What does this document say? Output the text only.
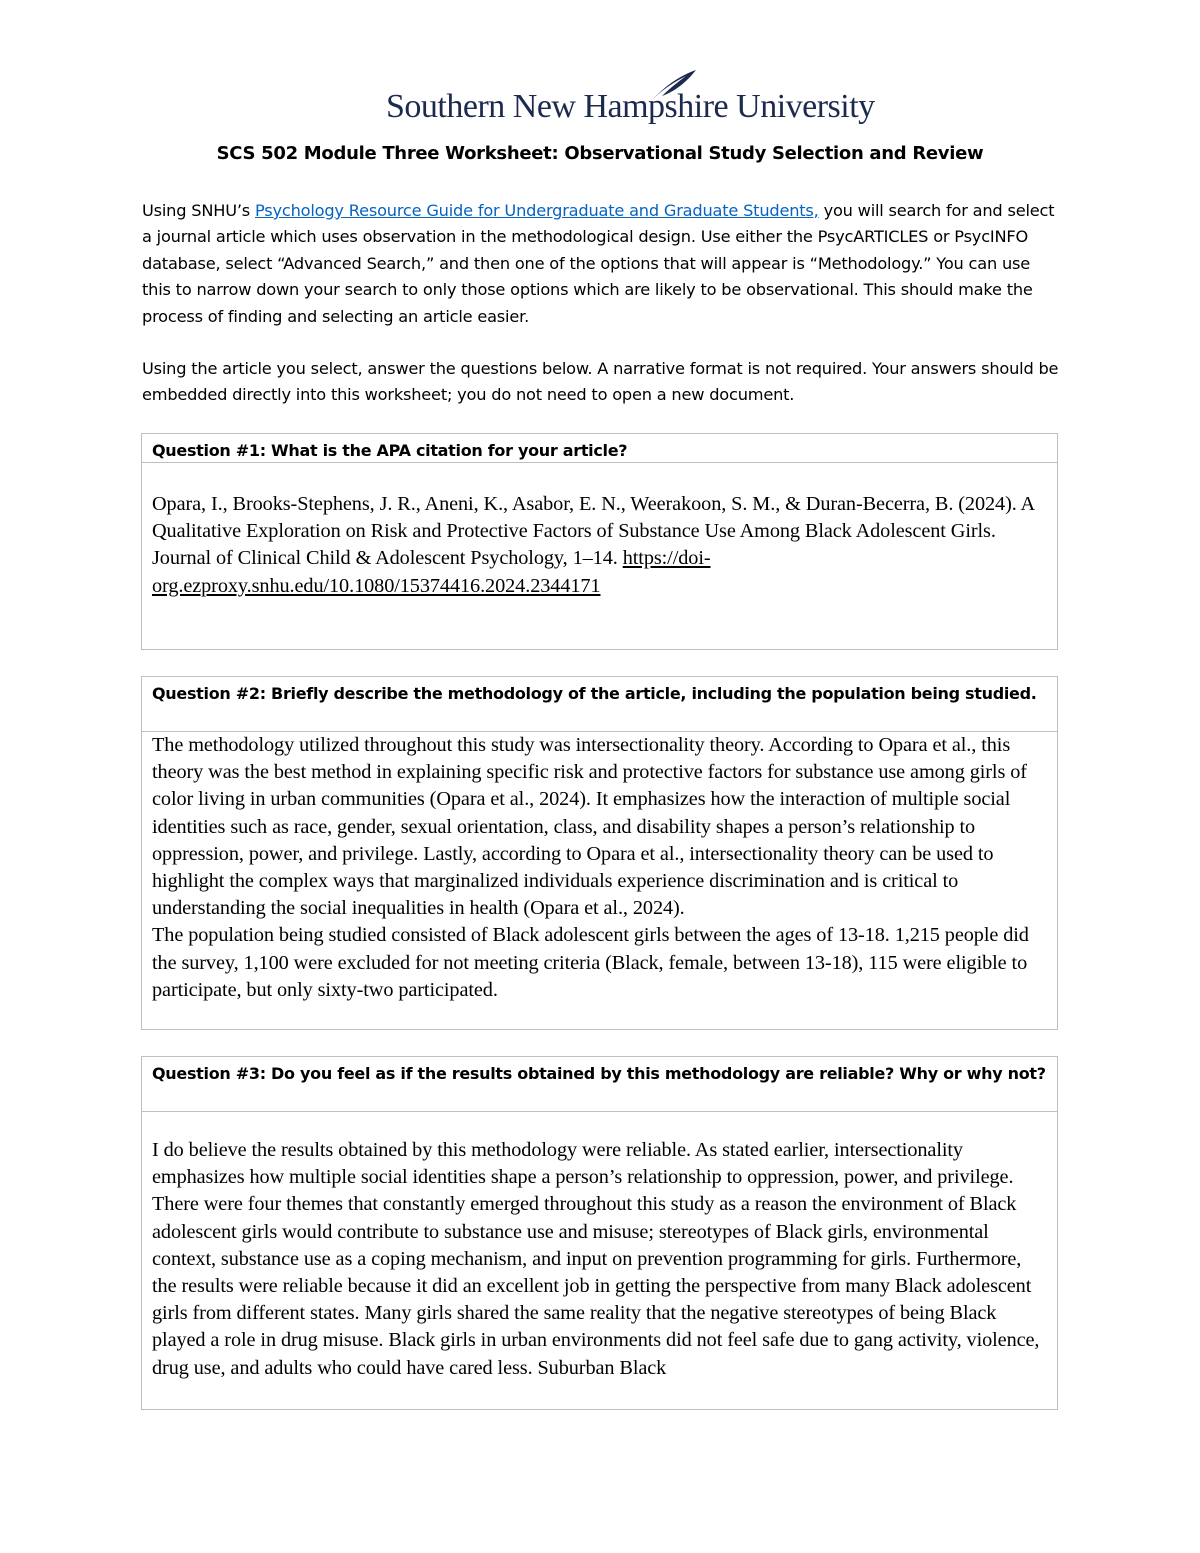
Southern New Hampshire University
SCS 502 Module Three Worksheet: Observational Study Selection and Review
Using SNHU’s Psychology Resource Guide for Undergraduate and Graduate Students, you will search for and select a journal article which uses observation in the methodological design. Use either the PsycARTICLES or PsycINFO database, select “Advanced Search,” and then one of the options that will appear is “Methodology.” You can use this to narrow down your search to only those options which are likely to be observational. This should make the process of finding and selecting an article easier.
Using the article you select, answer the questions below. A narrative format is not required. Your answers should be embedded directly into this worksheet; you do not need to open a new document.
Question #1: What is the APA citation for your article?
Opara, I., Brooks-Stephens, J. R., Aneni, K., Asabor, E. N., Weerakoon, S. M., & Duran-Becerra, B. (2024). A Qualitative Exploration on Risk and Protective Factors of Substance Use Among Black Adolescent Girls. Journal of Clinical Child & Adolescent Psychology, 1–14. https://doi-org.ezproxy.snhu.edu/10.1080/15374416.2024.2344171
Question #2: Briefly describe the methodology of the article, including the population being studied.
The methodology utilized throughout this study was intersectionality theory. According to Opara et al., this theory was the best method in explaining specific risk and protective factors for substance use among girls of color living in urban communities (Opara et al., 2024). It emphasizes how the interaction of multiple social identities such as race, gender, sexual orientation, class, and disability shapes a person’s relationship to oppression, power, and privilege. Lastly, according to Opara et al., intersectionality theory can be used to highlight the complex ways that marginalized individuals experience discrimination and is critical to understanding the social inequalities in health (Opara et al., 2024).
The population being studied consisted of Black adolescent girls between the ages of 13-18. 1,215 people did the survey, 1,100 were excluded for not meeting criteria (Black, female, between 13-18), 115 were eligible to participate, but only sixty-two participated.
Question #3: Do you feel as if the results obtained by this methodology are reliable? Why or why not?
I do believe the results obtained by this methodology were reliable. As stated earlier, intersectionality emphasizes how multiple social identities shape a person’s relationship to oppression, power, and privilege. There were four themes that constantly emerged throughout this study as a reason the environment of Black adolescent girls would contribute to substance use and misuse; stereotypes of Black girls, environmental context, substance use as a coping mechanism, and input on prevention programming for girls. Furthermore, the results were reliable because it did an excellent job in getting the perspective from many Black adolescent girls from different states. Many girls shared the same reality that the negative stereotypes of being Black played a role in drug misuse. Black girls in urban environments did not feel safe due to gang activity, violence, drug use, and adults who could have cared less. Suburban Black
